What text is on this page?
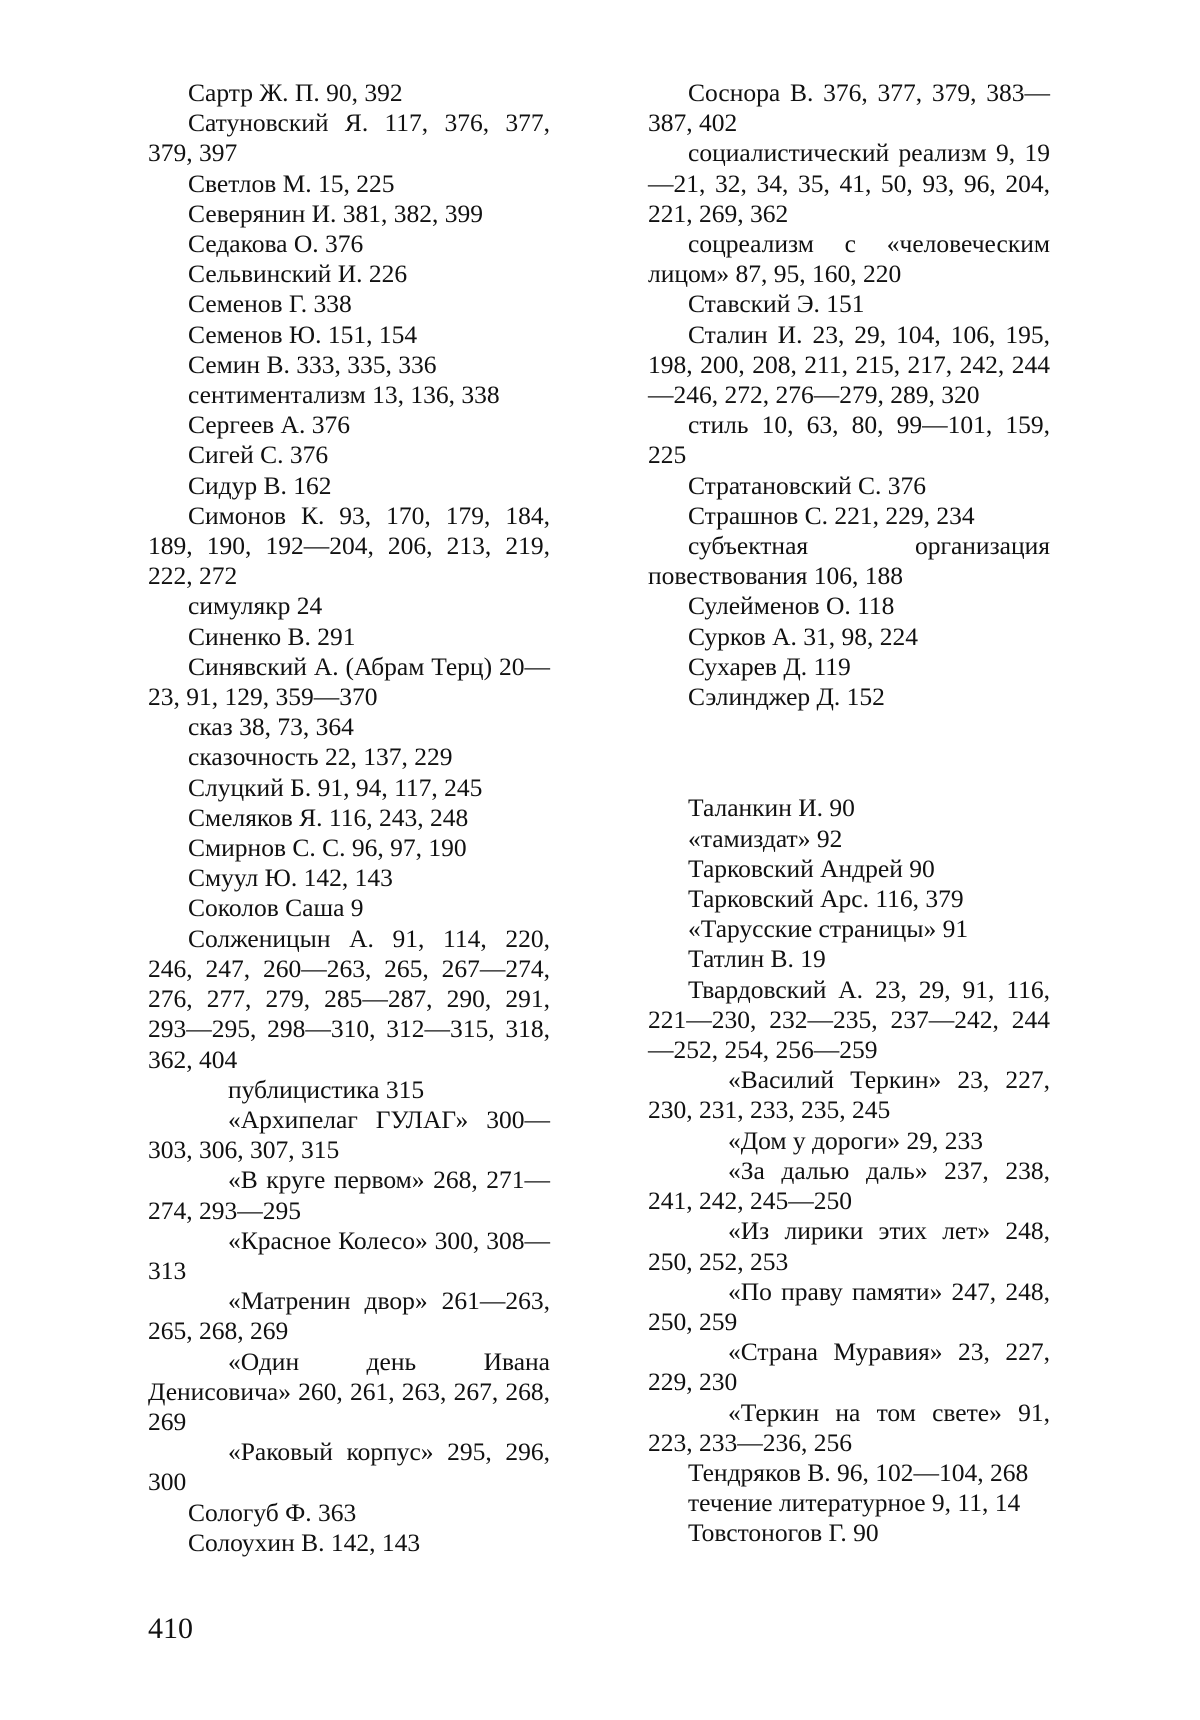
Сартр Ж. П. 90, 392

Сатуновский Я. 117, 376, 377, 379, 397

Светлов М. 15, 225

Северянин И. 381, 382, 399

Седакова О. 376

Сельвинский И. 226

Семенов Г. 338

Семенов Ю. 151, 154

Семин В. 333, 335, 336

сентиментализм 13, 136, 338

Сергеев А. 376

Сигей С. 376

Сидур В. 162

Симонов К. 93, 170, 179, 184, 189, 190, 192—204, 206, 213, 219, 222, 272

симулякр 24

Синенко В. 291

Синявский А. (Абрам Терц) 20—23, 91, 129, 359—370

сказ 38, 73, 364

сказочность 22, 137, 229

Слуцкий Б. 91, 94, 117, 245

Смеляков Я. 116, 243, 248

Смирнов С. С. 96, 97, 190

Смуул Ю. 142, 143

Соколов Саша 9

Солженицын А. 91, 114, 220, 246, 247, 260—263, 265, 267—274, 276, 277, 279, 285—287, 290, 291, 293—295, 298—310, 312—315, 318, 362, 404

публицистика 315

«Архипелаг ГУЛАГ» 300—303, 306, 307, 315

«В круге первом» 268, 271—274, 293—295

«Красное Колесо» 300, 308—313

«Матренин двор» 261—263, 265, 268, 269

«Один день Ивана Денисовича» 260, 261, 263, 267, 268, 269

«Раковый корпус» 295, 296, 300

Сологуб Ф. 363

Солоухин В. 142, 143

Соснора В. 376, 377, 379, 383—387, 402

социалистический реализм 9, 19—21, 32, 34, 35, 41, 50, 93, 96, 204, 221, 269, 362

соцреализм с «человеческим лицом» 87, 95, 160, 220

Ставский Э. 151

Сталин И. 23, 29, 104, 106, 195, 198, 200, 208, 211, 215, 217, 242, 244—246, 272, 276—279, 289, 320

стиль 10, 63, 80, 99—101, 159, 225

Стратановский С. 376

Страшнов С. 221, 229, 234

субъектная организация повествования 106, 188

Сулейменов О. 118

Сурков А. 31, 98, 224

Сухарев Д. 119

Сэлинджер Д. 152

Таланкин И. 90

«тамиздат» 92

Тарковский Андрей 90

Тарковский Арс. 116, 379

«Тарусские страницы» 91

Татлин В. 19

Твардовский А. 23, 29, 91, 116, 221—230, 232—235, 237—242, 244—252, 254, 256—259

«Василий Теркин» 23, 227, 230, 231, 233, 235, 245

«Дом у дороги» 29, 233

«За далью даль» 237, 238, 241, 242, 245—250

«Из лирики этих лет» 248, 250, 252, 253

«По праву памяти» 247, 248, 250, 259

«Страна Муравия» 23, 227, 229, 230

«Теркин на том свете» 91, 223, 233—236, 256

Тендряков В. 96, 102—104, 268

течение литературное 9, 11, 14

Товстоногов Г. 90

410
